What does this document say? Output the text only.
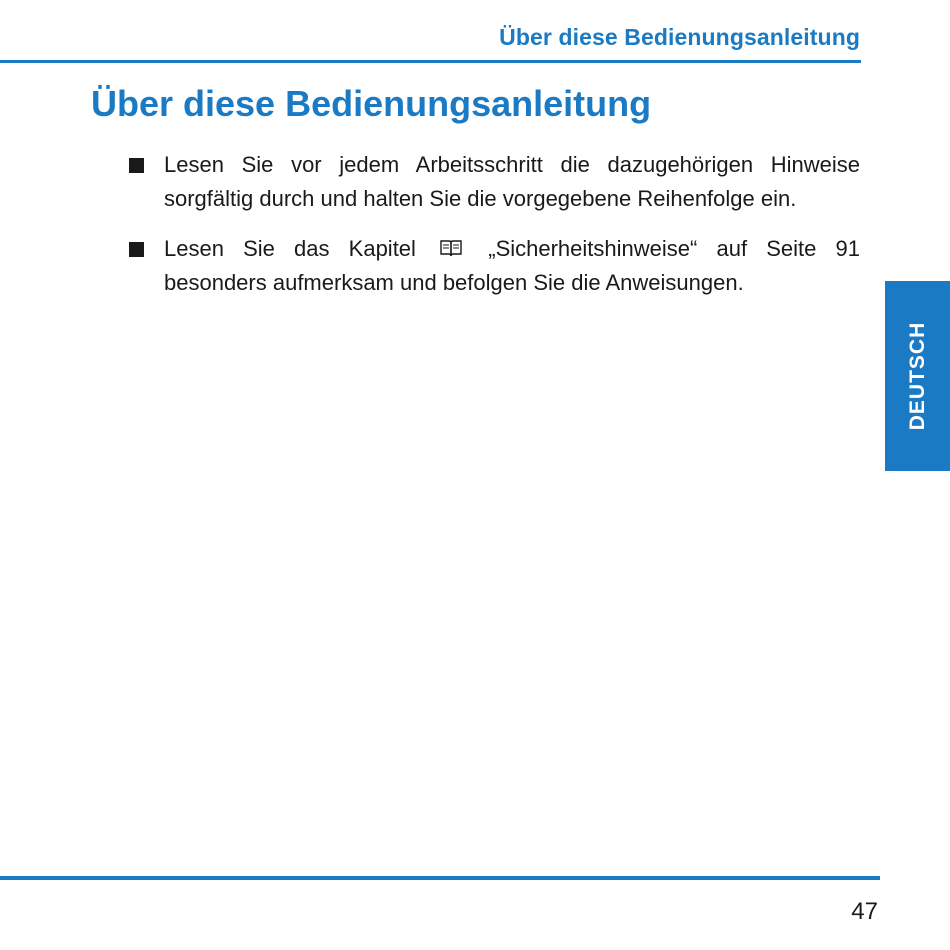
Über diese Bedienungsanleitung
Über diese Bedienungsanleitung
Lesen Sie vor jedem Arbeitsschritt die dazugehörigen Hinweise sorgfältig durch und halten Sie die vorgegebene Reihenfolge ein.
Lesen Sie das Kapitel	„Sicherheitshinweise“ auf Seite 91 besonders aufmerksam und befolgen Sie die Anweisungen.
DEUTSCH
47
